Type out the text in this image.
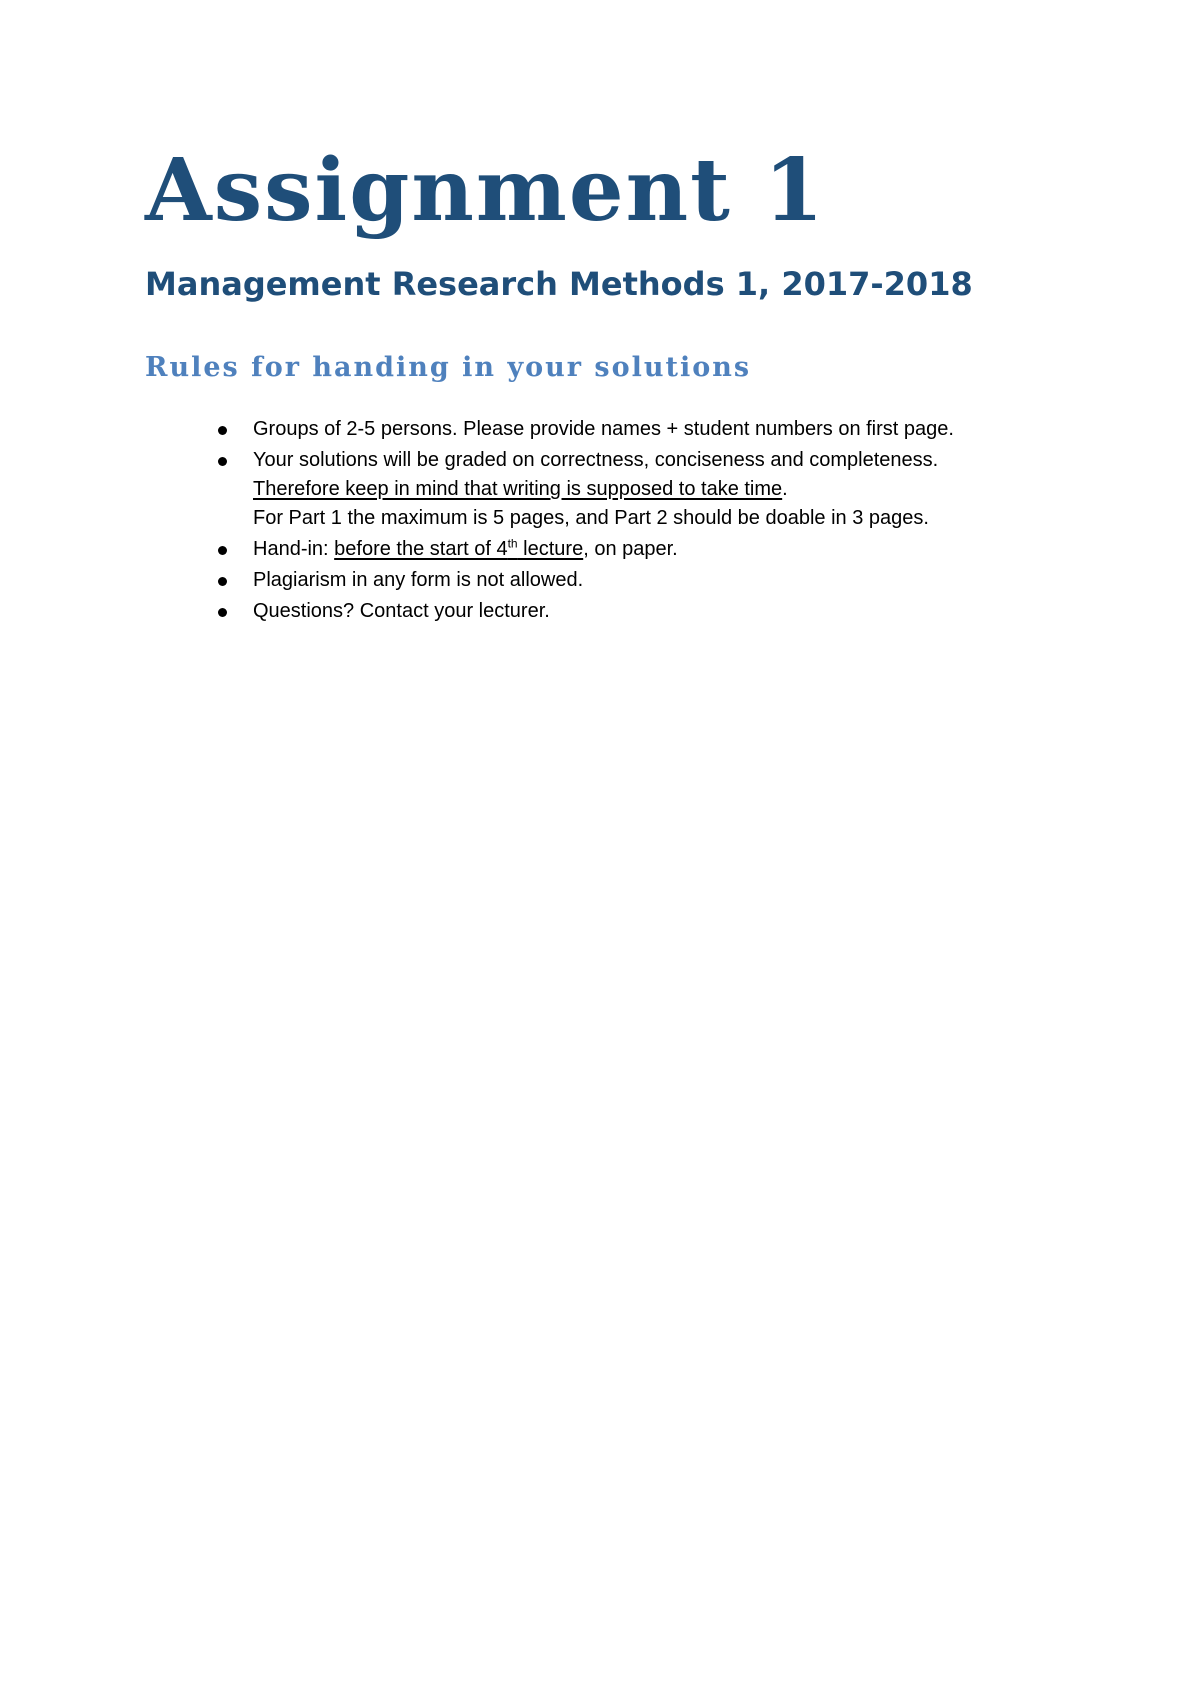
Assignment 1
Management Research Methods 1, 2017-2018
Rules for handing in your solutions
Groups of 2-5 persons. Please provide names + student numbers on first page.
Your solutions will be graded on correctness, conciseness and completeness.
Therefore keep in mind that writing is supposed to take time.
For Part 1 the maximum is 5 pages, and Part 2 should be doable in 3 pages.
Hand-in: before the start of 4th lecture, on paper.
Plagiarism in any form is not allowed.
Questions? Contact your lecturer.
